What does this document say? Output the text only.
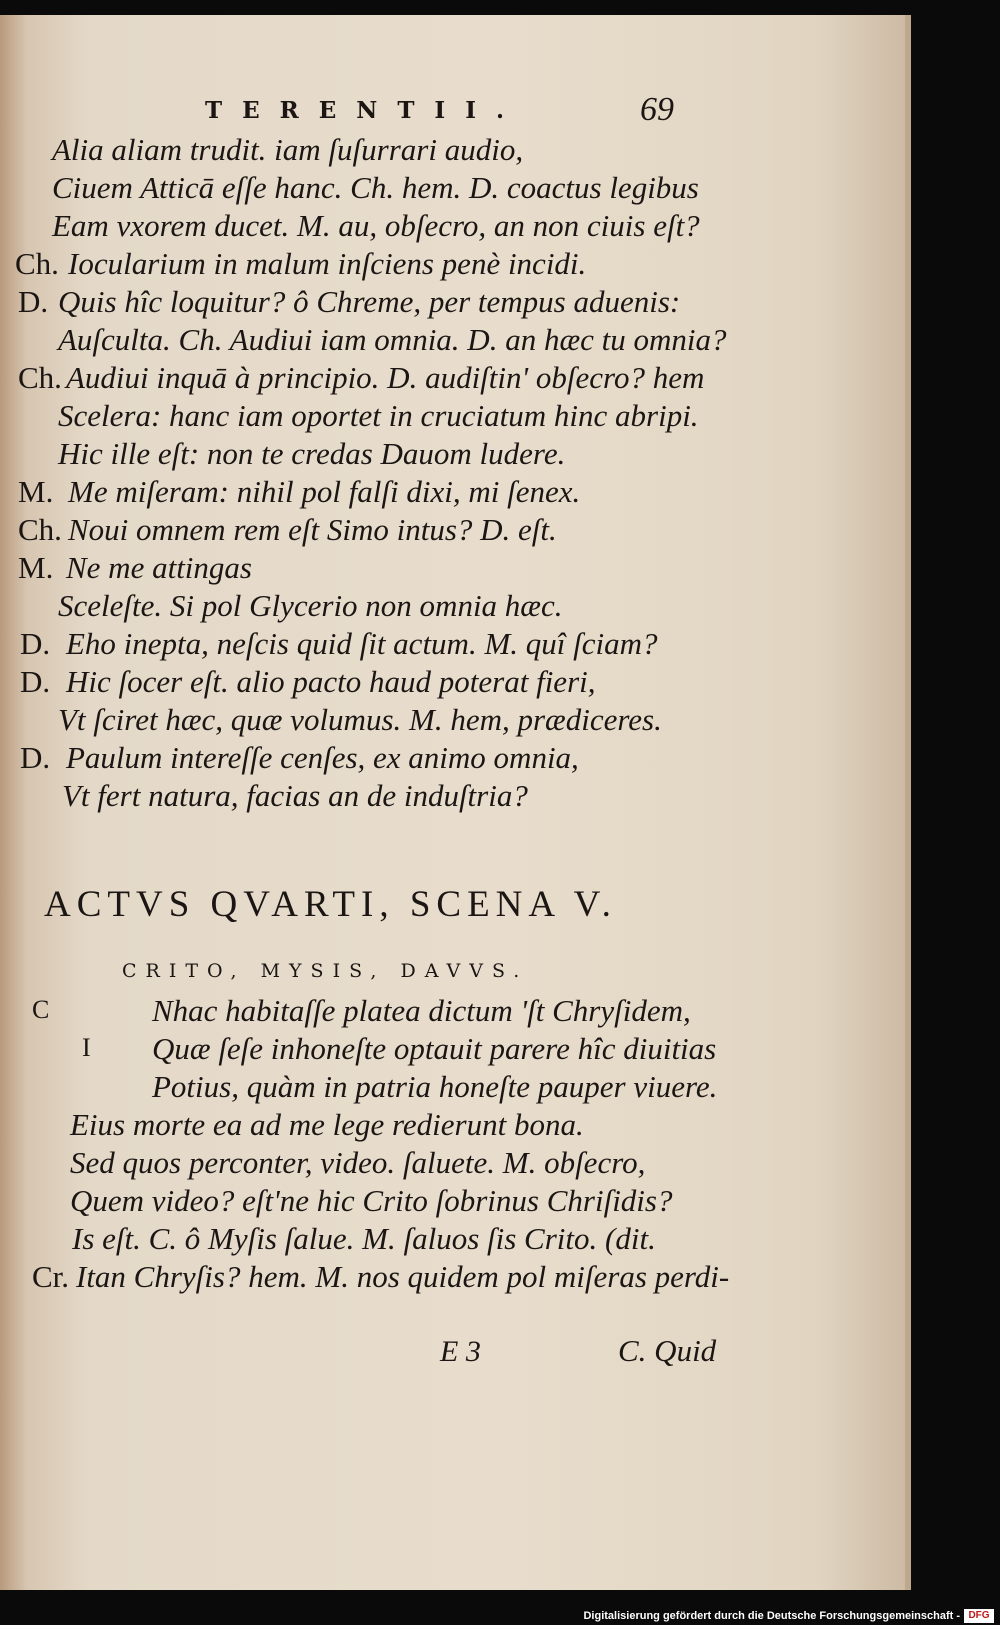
TERENTII.	69
Alia aliam trudit. iam ſuſurrari audio,
Ciuem Atticā eſſe hanc. Ch. hem. D. coactus legibus
Eam vxorem ducet. M. au, obſecro, an non ciuis eſt?
Ch. Iocularium in malum inſciens penè incidi.
D. Quis hîc loquitur? ô Chreme, per tempus aduenis:
Auſculta. Ch. Audiui iam omnia. D. an hæc tu omnia?
Ch. Audiui inquā à principio. D. audiſtin' obſecro? hem
Scelera: hanc iam oportet in cruciatum hinc abripi.
Hic ille eſt: non te credas Dauom ludere.
M. Me miſeram: nihil pol falſi dixi, mi ſenex.
Ch. Noui omnem rem eſt Simo intus? D. eſt.
M. Ne me attingas
Sceleſte. Si pol Glycerio non omnia hæc.
D. Eho inepta, neſcis quid ſit actum. M. quî ſciam?
D. Hic ſocer eſt. alio pacto haud poterat fieri,
Vt ſciret hæc, quæ volumus. M. hem, prædiceres.
D. Paulum intereſſe cenſes, ex animo omnia,
Vt fert natura, facias an de induſtria?
ACTVS QVARTI, SCENA V.
CRITO, MYSIS, DAVVS.
C
I
Nhac habitaſſe platea dictum 'ſt Chryſidem,
Quæ ſeſe inhoneſte optauit parere hîc diuitias
Potius, quàm in patria honeſte pauper viuere.
Eius morte ea ad me lege redierunt bona.
Sed quos perconter, video. ſaluete. M. obſecro,
Quem video? eſt'ne hic Crito ſobrinus Chriſidis?
Is eſt. C. ô Myſis ſalue. M. ſaluos ſis Crito. (dit.
Cr. Itan Chryſis? hem. M. nos quidem pol miſeras perdi-
E 3	C. Quid
Digitalisierung gefördert durch die Deutsche Forschungsgemeinschaft - DFG
